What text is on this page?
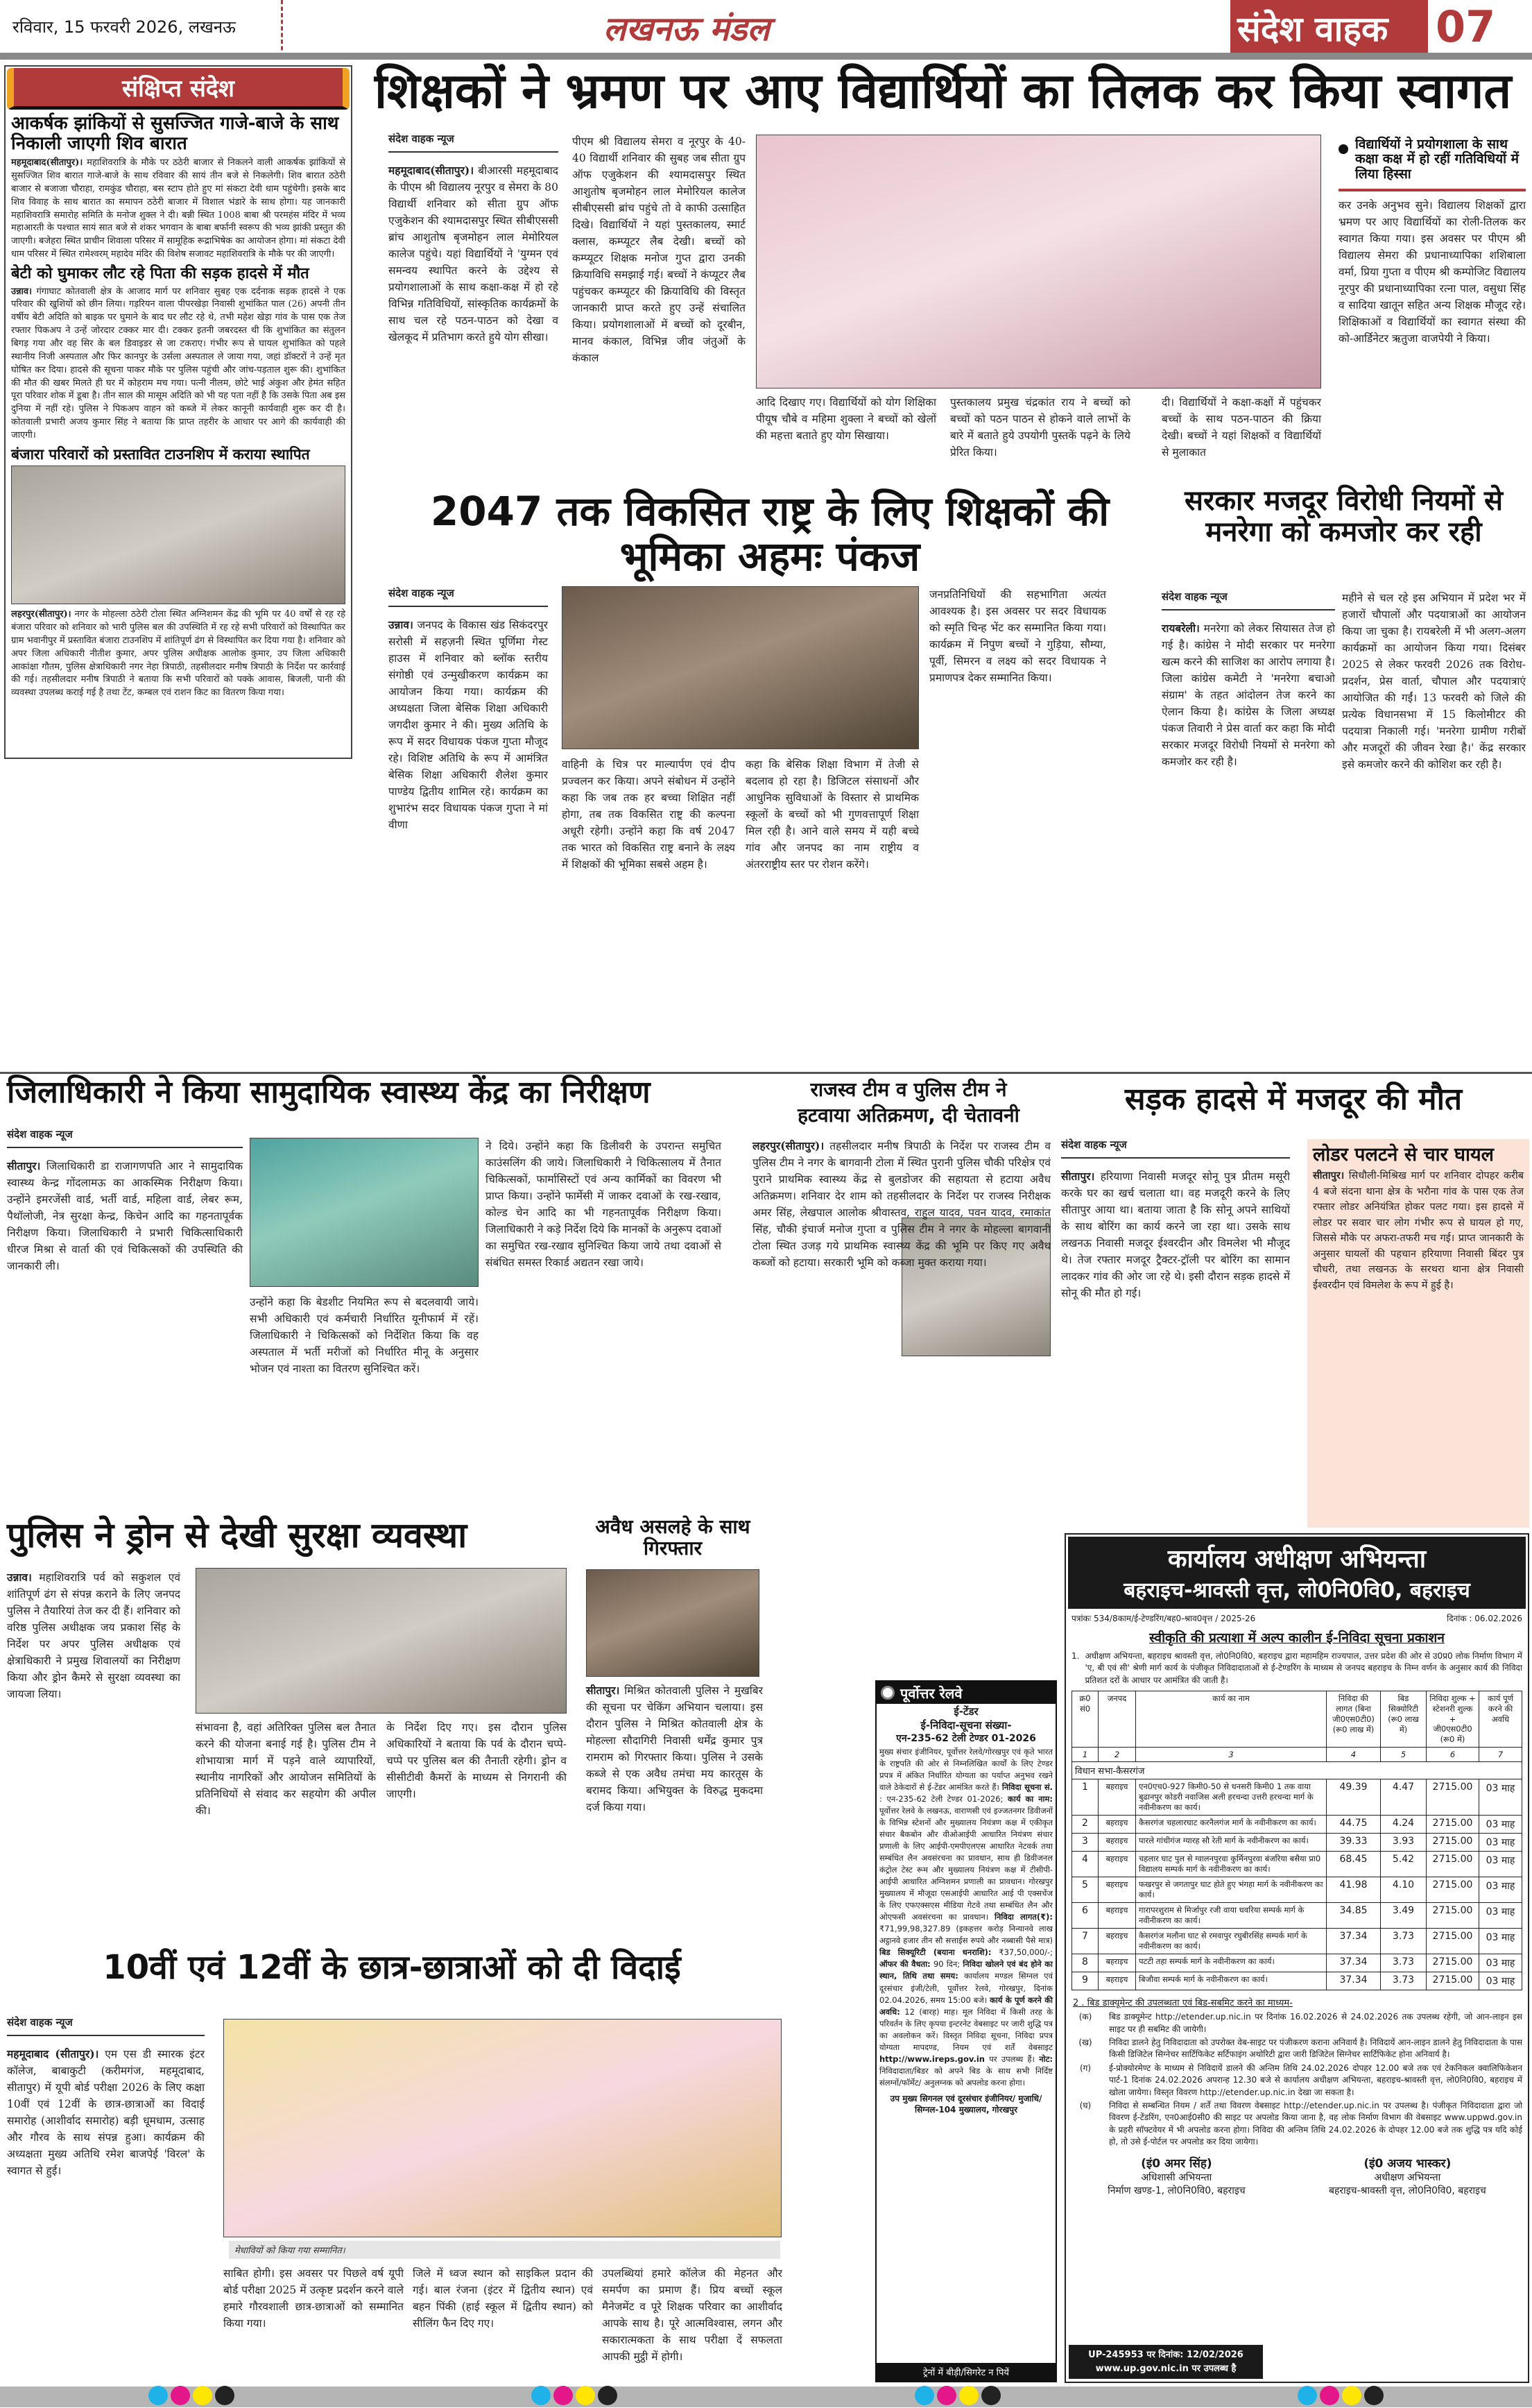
रविवार, 15 फरवरी 2026, लखनऊ	लखनऊ मंडल	संदेश वाहक 07
संक्षिप्त संदेश
आकर्षक झांकियों से सुसज्जित गाजे-बाजे के साथ निकाली जाएगी शिव बारात
महमूदाबाद(सीतापुर)। महाशिवरात्रि के मौके पर ठठेरी बाजार से निकलने वाली आकर्षक झांकियों से सुसज्जित शिव बारात गाजे-बाजे के साथ रविवार की सायं तीन बजे से निकलेगी। शिव बारात ठठेरी बाजार से बजाजा चौराहा, रामकुंड चौराहा, बस स्टाप होते हुए मां संकटा देवी धाम पहुंचेगी। इसके बाद शिव विवाह के साथ बारात का समापन ठठेरी बाजार में विशाल भंडारे के साथ होगा। यह जानकारी महाशिवरात्रि समारोह समिति के मनोज शुक्ल ने दी। बन्नी स्थित 1008 बाबा श्री परमहंस मंदिर में भव्य महाआरती के पश्चात सायं सात बजे से शंकर भगवान के बाबा बर्फानी स्वरूप की भव्य झांकी प्रस्तुत की जाएगी। बजेहरा स्थित प्राचीन शिवाला परिसर में सामूहिक रूद्राभिषेक का आयोजन होगा। मां संकटा देवी धाम परिसर में स्थित रामेश्वरम् महादेव मंदिर की विशेष सजावट महाशिवरात्रि के मौके पर की जाएगी।
बेटी को घुमाकर लौट रहे पिता की सड़क हादसे में मौत
उन्नाव। गंगाघाट कोतवाली क्षेत्र के आजाद मार्ग पर शनिवार सुबह एक दर्दनाक सड़क हादसे ने एक परिवार की खुशियों को छीन लिया। गड़रियन वाला पीपरखेड़ा निवासी शुभांकित पाल (26) अपनी तीन वर्षीय बेटी अदिति को बाइक पर घुमाने के बाद घर लौट रहे थे, तभी महेश खेड़ा गांव के पास एक तेज रफ्तार पिकअप ने उन्हें जोरदार टक्कर मार दी। टक्कर इतनी जबरदस्त थी कि शुभांकित का संतुलन बिगड़ गया और वह सिर के बल डिवाइडर से जा टकराए। गंभीर रूप से घायल शुभांकित को पहले स्थानीय निजी अस्पताल और फिर कानपुर के उर्सला अस्पताल ले जाया गया, जहां डॉक्टरों ने उन्हें मृत घोषित कर दिया। हादसे की सूचना पाकर मौके पर पुलिस पहुंची और जांच-पड़ताल शुरू की। शुभांकित की मौत की खबर मिलते ही घर में कोहराम मच गया। पत्नी नीलम, छोटे भाई अंकुश और हेमंत सहित पूरा परिवार शोक में डूबा है। तीन साल की मासूम अदिति को भी यह पता नहीं है कि उसके पिता अब इस दुनिया में नहीं रहे। पुलिस ने पिकअप वाहन को कब्जे में लेकर कानूनी कार्यवाही शुरू कर दी है। कोतवाली प्रभारी अजय कुमार सिंह ने बताया कि प्राप्त तहरीर के आधार पर आगे की कार्यवाही की जाएगी।
बंजारा परिवारों को प्रस्तावित टाउनशिप में कराया स्थापित
लहरपुर(सीतापुर)। नगर के मोहल्ला ठठेरी टोला स्थित अग्निशमन केंद्र की भूमि पर 40 वर्षों से रह रहे बंजारा परिवार को शनिवार को भारी पुलिस बल की उपस्थिति में रह रहे सभी परिवारों को विस्थापित कर ग्राम भवानीपुर में प्रस्तावित बंजारा टाउनशिप में शांतिपूर्ण ढंग से विस्थापित कर दिया गया है। शनिवार को अपर जिला अधिकारी नीतीश कुमार, अपर पुलिस अधीक्षक आलोक कुमार, उप जिला अधिकारी आकांक्षा गौतम, पुलिस क्षेत्राधिकारी नगर नेहा त्रिपाठी, तहसीलदार मनीष त्रिपाठी के निर्देश पर कार्रवाई की गई। तहसीलदार मनीष त्रिपाठी ने बताया कि सभी परिवारों को पक्के आवास, बिजली, पानी की व्यवस्था उपलब्ध कराई गई है तथा टेंट, कम्बल एवं राशन किट का वितरण किया गया।
शिक्षकों ने भ्रमण पर आए विद्यार्थियों का तिलक कर किया स्वागत
संदेश वाहक न्यूज
महमूदाबाद(सीतापुर)। बीआरसी महमूदाबाद के पीएम श्री विद्यालय नूरपुर व सेमरा के 80 विद्यार्थी शनिवार को सीता ग्रुप ऑफ एजुकेशन की श्यामदासपुर स्थित सीबीएससी ब्रांच आशुतोष बृजमोहन लाल मेमोरियल कालेज पहुंचे। यहां विद्यार्थियों ने 'युग्मन एवं समन्वय स्थापित करने के उद्देश्य से प्रयोगशालाओं के साथ कक्षा-कक्ष में हो रहे विभिन्न गतिविधियों, सांस्कृतिक कार्यक्रमों के साथ चल रहे पठन-पाठन को देखा व खेलकूद में प्रतिभाग करते हुये योग सीखा।
पीएम श्री विद्यालय सेमरा व नूरपुर के 40-40 विद्यार्थी शनिवार की सुबह जब सीता ग्रुप ऑफ एजुकेशन की श्यामदासपुर स्थित आशुतोष बृजमोहन लाल मेमोरियल कालेज सीबीएससी ब्रांच पहुंचे तो वे काफी उत्साहित दिखे। विद्यार्थियों ने यहां पुस्तकालय, स्मार्ट क्लास, कम्प्यूटर लैब देखी। बच्चों को कम्प्यूटर शिक्षक मनोज गुप्त द्वारा उनकी क्रियाविधि समझाई गई। बच्चों ने कंप्यूटर लैब पहुंचकर कम्प्यूटर की क्रियाविधि की विस्तृत जानकारी प्राप्त करते हुए उन्हें संचालित किया। प्रयोगशालाओं में बच्चों को दूरबीन, मानव कंकाल, विभिन्न जीव जंतुओं के कंकाल
आदि दिखाए गए। विद्यार्थियों को योग शिक्षिका पीयूष चौबे व महिमा शुक्ला ने बच्चों को खेलों की महत्ता बताते हुए योग सिखाया।
पुस्तकालय प्रमुख चंद्रकांत राय ने बच्चों को बच्चों को पठन पाठन से होकने वाले लाभों के बारे में बताते हुये उपयोगी पुस्तकें पढ़ने के लिये प्रेरित किया।
दी। विद्यार्थियों ने कक्षा-कक्षों में पहुंचकर बच्चों के साथ पठन-पाठन की क्रिया देखी। बच्चों ने यहां शिक्षकों व विद्यार्थियों से मुलाकात
विद्यार्थियों ने प्रयोगशाला के साथ कक्षा कक्ष में हो रहीं गतिविधियों में लिया हिस्सा
कर उनके अनुभव सुने। विद्यालय शिक्षकों द्वारा भ्रमण पर आए विद्यार्थियों का रोली-तिलक कर स्वागत किया गया। इस अवसर पर पीएम श्री विद्यालय सेमरा की प्रधानाध्यापिका शशिबाला वर्मा, प्रिया गुप्ता व पीएम श्री कम्पोजिट विद्यालय नूरपुर की प्रधानाध्यापिका रत्ना पाल, वसुधा सिंह व सादिया खातून सहित अन्य शिक्षक मौजूद रहे। शिक्षिकाओं व विद्यार्थियों का स्वागत संस्था की को-आर्डिनेटर ऋतुजा वाजपेयी ने किया।
2047 तक विकसित राष्ट्र के लिए शिक्षकों की भूमिका अहमः पंकज
संदेश वाहक न्यूज
उन्नाव। जनपद के विकास खंड सिकंदरपुर सरोसी में सहज़नी स्थित पूर्णिमा गेस्ट हाउस में शनिवार को ब्लॉक स्तरीय संगोष्ठी एवं उन्मुखीकरण कार्यक्रम का आयोजन किया गया। कार्यक्रम की अध्यक्षता जिला बेसिक शिक्षा अधिकारी जगदीश कुमार ने की। मुख्य अतिथि के रूप में सदर विधायक पंकज गुप्ता मौजूद रहे। विशिष्ट अतिथि के रूप में आमंत्रित बेसिक शिक्षा अधिकारी शैलेश कुमार पाण्डेय द्वितीय शामिल रहे। कार्यक्रम का शुभारंभ सदर विधायक पंकज गुप्ता ने मां वीणा
वाहिनी के चित्र पर माल्यार्पण एवं दीप प्रज्वलन कर किया। अपने संबोधन में उन्होंने कहा कि जब तक हर बच्चा शिक्षित नहीं होगा, तब तक विकसित राष्ट्र की कल्पना अधूरी रहेगी। उन्होंने कहा कि वर्ष 2047 तक भारत को विकसित राष्ट्र बनाने के लक्ष्य में शिक्षकों की भूमिका सबसे अहम है।
कहा कि बेसिक शिक्षा विभाग में तेजी से बदलाव हो रहा है। डिजिटल संसाधनों और आधुनिक सुविधाओं के विस्तार से प्राथमिक स्कूलों के बच्चों को भी गुणवत्तापूर्ण शिक्षा मिल रही है। आने वाले समय में यही बच्चे गांव और जनपद का नाम राष्ट्रीय व अंतरराष्ट्रीय स्तर पर रोशन करेंगे।
जनप्रतिनिधियों की सहभागिता अत्यंत आवश्यक है। इस अवसर पर सदर विधायक को स्मृति चिन्ह भेंट कर सम्मानित किया गया। कार्यक्रम में निपुण बच्चों ने गुड़िया, सौम्या, पूर्वी, सिमरन व लक्ष्य को सदर विधायक ने प्रमाणपत्र देकर सम्मानित किया।
सरकार मजदूर विरोधी नियमों से मनरेगा को कमजोर कर रही
संदेश वाहक न्यूज
रायबरेली। मनरेगा को लेकर सियासत तेज हो गई है। कांग्रेस ने मोदी सरकार पर मनरेगा खत्म करने की साजिश का आरोप लगाया है। जिला कांग्रेस कमेटी ने 'मनरेगा बचाओ संग्राम' के तहत आंदोलन तेज करने का ऐलान किया है। कांग्रेस के जिला अध्यक्ष पंकज तिवारी ने प्रेस वार्ता कर कहा कि मोदी सरकार मजदूर विरोधी नियमों से मनरेगा को कमजोर कर रही है।
महीने से चल रहे इस अभियान में प्रदेश भर में हजारों चौपालों और पदयात्राओं का आयोजन किया जा चुका है। रायबरेली में भी अलग-अलग कार्यक्रमों का आयोजन किया गया। दिसंबर 2025 से लेकर फरवरी 2026 तक विरोध-प्रदर्शन, प्रेस वार्ता, चौपाल और पदयात्राएं आयोजित की गईं। 13 फरवरी को जिले की प्रत्येक विधानसभा में 15 किलोमीटर की पदयात्रा निकाली गई। 'मनरेगा ग्रामीण गरीबों और मजदूरों की जीवन रेखा है।' केंद्र सरकार इसे कमजोर करने की कोशिश कर रही है।
जिलाधिकारी ने किया सामुदायिक स्वास्थ्य केंद्र का निरीक्षण
संदेश वाहक न्यूज
सीतापुर। जिलाधिकारी डा राजागणपति आर ने सामुदायिक स्वास्थ्य केन्द्र गोंदलामऊ का आकस्मिक निरीक्षण किया। उन्होंने इमरजेंसी वार्ड, भर्ती वार्ड, महिला वार्ड, लेबर रूम, पैथॉलोजी, नेत्र सुरक्षा केन्द्र, किचेन आदि का गहनतापूर्वक निरीक्षण किया। जिलाधिकारी ने प्रभारी चिकित्साधिकारी धीरज मिश्रा से वार्ता की एवं चिकित्सकों की उपस्थिति की जानकारी ली।
उन्होंने कहा कि बेडशीट नियमित रूप से बदलवायी जाये। सभी अधिकारी एवं कर्मचारी निर्धारित यूनीफार्म में रहें। जिलाधिकारी ने चिकित्सकों को निर्देशित किया कि वह अस्पताल में भर्ती मरीजों को निर्धारित मीनू के अनुसार भोजन एवं नाश्ता का वितरण सुनिश्चित करें।
ने दिये। उन्होंने कहा कि डिलीवरी के उपरान्त समुचित काउंसलिंग की जाये। जिलाधिकारी ने चिकित्सालय में तैनात चिकित्सकों, फार्मासिस्टों एवं अन्य कार्मिकों का विवरण भी प्राप्त किया। उन्होंने फार्मेसी में जाकर दवाओं के रख-रखाव, कोल्ड चेन आदि का भी गहनतापूर्वक निरीक्षण किया। जिलाधिकारी ने कड़े निर्देश दिये कि मानकों के अनुरूप दवाओं का समुचित रख-रखाव सुनिश्चित किया जाये तथा दवाओं से संबंधित समस्त रिकार्ड अद्यतन रखा जाये।
राजस्व टीम व पुलिस टीम ने
हटवाया अतिक्रमण, दी चेतावनी
लहरपुर(सीतापुर)। तहसीलदार मनीष त्रिपाठी के निर्देश पर राजस्व टीम व पुलिस टीम ने नगर के बागवानी टोला में स्थित पुरानी पुलिस चौकी परिक्षेत्र एवं पुराने प्राथमिक स्वास्थ्य केंद्र से बुलडोजर की सहायता से हटाया अवैध अतिक्रमण। शनिवार देर शाम को तहसीलदार के निर्देश पर राजस्व निरीक्षक अमर सिंह, लेखपाल आलोक श्रीवास्तव, राहुल यादव, पवन यादव, रमाकांत सिंह, चौकी इंचार्ज मनोज गुप्ता व पुलिस टीम ने नगर के मोहल्ला बागवानी टोला स्थित उजड़ गये प्राथमिक स्वास्थ्य केंद्र की भूमि पर किए गए अवैध कब्जों को हटाया। सरकारी भूमि को कब्जा मुक्त कराया गया।
सड़क हादसे में मजदूर की मौत
संदेश वाहक न्यूज
सीतापुर। हरियाणा निवासी मजदूर सोनू पुत्र प्रीतम मसूरी करके घर का खर्च चलाता था। वह मजदूरी करने के लिए सीतापुर आया था। बताया जाता है कि सोनू अपने साथियों के साथ बोरिंग का कार्य करने जा रहा था। उसके साथ लखनऊ निवासी मजदूर ईश्वरदीन और विमलेश भी मौजूद थे। तेज रफ्तार मजदूर ट्रैक्टर-ट्रॉली पर बोरिंग का सामान लादकर गांव की ओर जा रहे थे। इसी दौरान सड़क हादसे में सोनू की मौत हो गई।
लोडर पलटने से चार घायल
सीतापुर। सिधौली-मिश्रिख मार्ग पर शनिवार दोपहर करीब 4 बजे संदना थाना क्षेत्र के भरौना गांव के पास एक तेज रफ्तार लोडर अनियंत्रित होकर पलट गया। इस हादसे में लोडर पर सवार चार लोग गंभीर रूप से घायल हो गए, जिससे मौके पर अफरा-तफरी मच गई। प्राप्त जानकारी के अनुसार घायलों की पहचान हरियाणा निवासी बिंदर पुत्र चौधरी, तथा लखनऊ के सरथरा थाना क्षेत्र निवासी ईश्वरदीन एवं विमलेश के रूप में हुई है।
पुलिस ने ड्रोन से देखी सुरक्षा व्यवस्था
उन्नाव। महाशिवरात्रि पर्व को सकुशल एवं शांतिपूर्ण ढंग से संपन्न कराने के लिए जनपद पुलिस ने तैयारियां तेज कर दी हैं। शनिवार को वरिष्ठ पुलिस अधीक्षक जय प्रकाश सिंह के निर्देश पर अपर पुलिस अधीक्षक एवं क्षेत्राधिकारी ने प्रमुख शिवालयों का निरीक्षण किया और ड्रोन कैमरे से सुरक्षा व्यवस्था का जायजा लिया।
संभावना है, वहां अतिरिक्त पुलिस बल तैनात करने की योजना बनाई गई है। पुलिस टीम ने शोभायात्रा मार्ग में पड़ने वाले व्यापारियों, स्थानीय नागरिकों और आयोजन समितियों के प्रतिनिधियों से संवाद कर सहयोग की अपील की।
के निर्देश दिए गए। इस दौरान पुलिस अधिकारियों ने बताया कि पर्व के दौरान चप्पे-चप्पे पर पुलिस बल की तैनाती रहेगी। ड्रोन व सीसीटीवी कैमरों के माध्यम से निगरानी की जाएगी।
अवैध असलहे के साथ गिरफ्तार
सीतापुर। मिश्रित कोतवाली पुलिस ने मुखबिर की सूचना पर चेकिंग अभियान चलाया। इस दौरान पुलिस ने मिश्रित कोतवाली क्षेत्र के मोहल्ला सौदागिरी निवासी धर्मेंद्र कुमार पुत्र रामराम को गिरफ्तार किया। पुलिस ने उसके कब्जे से एक अवैध तमंचा मय कारतूस के बरामद किया। अभियुक्त के विरुद्ध मुकदमा दर्ज किया गया।
10वीं एवं 12वीं के छात्र-छात्राओं को दी विदाई
संदेश वाहक न्यूज
महमूदाबाद (सीतापुर)। एम एस डी स्मारक इंटर कॉलेज, बाबाकुटी (करीमगंज, महमूदाबाद, सीतापुर) में यूपी बोर्ड परीक्षा 2026 के लिए कक्षा 10वीं एवं 12वीं के छात्र-छात्राओं का विदाई समारोह (आशीर्वाद समारोह) बड़ी धूमधाम, उत्साह और गौरव के साथ संपन्न हुआ। कार्यक्रम की अध्यक्षता मुख्य अतिथि रमेश बाजपेई 'विरल' के स्वागत से हुई।
मेधावियों को किया गया सम्मानित।
साबित होगी। इस अवसर पर पिछले वर्ष यूपी बोर्ड परीक्षा 2025 में उत्कृष्ट प्रदर्शन करने वाले हमारे गौरवशाली छात्र-छात्राओं को सम्मानित किया गया।
जिले में ध्वज स्थान को साइकिल प्रदान की गई। बाल रंजना (इंटर में द्वितीय स्थान) एवं बहन पिंकी (हाई स्कूल में द्वितीय स्थान) को सीलिंग फैन दिए गए।
उपलब्धियां हमारे कॉलेज की मेहनत और समर्पण का प्रमाण हैं। प्रिय बच्चों स्कूल मैनेजमेंट व पूरे शिक्षक परिवार का आशीर्वाद आपके साथ है। पूरे आत्मविश्वास, लगन और सकारात्मकता के साथ परीक्षा दें सफलता आपकी मुट्ठी में होगी।
पूर्वोत्तर रेलवे
ई-टेंडर
ई-निविदा-सूचना संख्या-
एन-235-62 टेली टेण्डर 01-2026
मुख्य संचार इंजीनियर, पूर्वोत्तर रेलवे/गोरखपुर एवं कृते भारत के राष्ट्रपति की ओर से निम्नलिखित कार्यों के लिए टेण्डर प्रपत्र में अंकित निर्धारित योग्यता का पर्याप्त अनुभव रखने वाले ठेकेदारों से ई-टेंडर आमंत्रित करते हैं। निविदा सूचना सं. : एन-235-62 टेली टेण्डर 01-2026; कार्य का नाम: पूर्वोत्तर रेलवे के लखनऊ, वाराणसी एवं इज्जतनगर डिवीजनों के विभिन्न स्टेशनों और मुख्यालय नियंत्रण कक्ष में एकीकृत संचार बैकबोन और वीओआईपी आधारित नियंत्रण संचार प्रणाली के लिए आईपी-एमपीएलएस आधारित नेटवर्क तथा सम्बंधित लैन अवसंरचना का प्रावधान, साथ ही डिवीजनल कंट्रोल टेस्ट रूम और मुख्यालय नियंत्रण कक्ष में टीसीपी-आईपी आधारित अग्निशमन प्रणाली का प्रावधान। गोरखपुर मुख्यालय में मौजूदा एसआईपी आधारित आई पी एक्सचेंज के लिए एफएक्सएस मीडिया गेटवे तथा सम्बंधित लैन और ओएफसी अवसंरचना का प्रावधान। निविदा लागत(₹): ₹71,99,98,327.89 (इकहत्तर करोड़ निन्यानवे लाख अट्ठानवे हजार तीन सौ सत्ताईस रुपये और नब्बासी पैसे मात्र) बिड सिक्यूरिटी (बयाना धनराशि): ₹37,50,000/-; ऑफर की वैधता: 90 दिन; निविदा खोलने एवं बंद होने का स्थान, तिथि तथा समय: कार्यालय मण्डल सिग्नल एवं दूरसंचार इंजी/टेली, पूर्वोत्तर रेलवे, गोरखपुर, दिनांक 02.04.2026, समय 15:00 बजे। कार्य के पूर्ण करने की अवधि: 12 (बारह) माह। मूल निविदा में किसी तरह के परिवर्तन के लिए कृपया इन्टरनेट वेबसाइट पर जारी शुद्धि पत्र का अवलोकन करें। विस्तृत निविदा सूचना, निविदा प्रपत्र योग्यता मापदण्ड, नियम एवं शर्तें वेबसाइट http://www.ireps.gov.in पर उपलब्ध हैं। नोट: निविदादाता/बिडर को अपने बिड के साथ सभी निर्दिष्ट संलग्नों/फॉर्मेट/ अनुलग्नक को अपलोड करना होगा।
उप मुख्य सिगनल एवं दूरसंचार इंजीनियर/ मुजाधि/सिग्नल-104 मुख्यालय, गोरखपुर
ट्रेनों में बीड़ी/सिगरेट न पियें
कार्यालय अधीक्षण अभियन्ता
बहराइच-श्रावस्ती वृत्त, लो0नि0वि0, बहराइच
पत्रांकः 534/8काम/ई-टेण्डरिंग/बह0-श्राव0वृत्त / 2025-26	दिनांक : 06.02.2026
स्वीकृति की प्रत्याशा में अल्प कालीन ई-निविदा सूचना प्रकाशन
1. अधीक्षण अभियन्ता, बहराइच श्रावस्ती वृत्त, लो0नि0वि0, बहराइच द्वारा महामहिम राज्यपाल, उत्तर प्रदेश की ओर से उ0प्र0 लोक निर्माण विभाग में 'ए, बी एवं सी' श्रेणी मार्ग कार्य के पंजीकृत निविदादाताओं से ई-टेण्डरिंग के माध्यम से जनपद बहराइच के निम्न वर्णन के अनुसार कार्य की निविदा प्रतिशत दरों के आधार पर आमंत्रित की जाती है।
क्र0 सं0	जनपद	कार्य का नाम	निविदा की लागत (बिना जी0एस0टी0) (रू0 लाख में)	बिड सिक्योरिटी (रू0 लाख में)	निविदा शुल्क + स्टेशनरी शुल्क + जी0एस0टी0 (रू0 में)	कार्य पूर्ण करने की अवधि
1	2	3	4	5	6	7
विधान सभा-कैसरगंज						
1	बहराइच	एन0एच0-927 किमी0-50 से धनसरी किमी0 1 तक वाया बुढानपुर कोडरी नवाजिस अली हरचन्दा उत्तरी हरचन्दा मार्ग के नवीनीकरण का कार्य।	49.39	4.47	2715.00	03 माह
2	बहराइच	कैसरगंज चहलारघाट करनैलगंज मार्ग के नवीनीकरण का कार्य।	44.75	4.24	2715.00	03 माह
3	बहराइच	पारले गांधीगंज ग्यारह सौ रेती मार्ग के नवीनीकरण का कार्य।	39.33	3.93	2715.00	03 माह
4	बहराइच	चहलार घाट पुल से ग्वालनपुरवा कुर्मिनपुरवा बंजरिया बसैया प्रा0 विद्यालय सम्पर्क मार्ग के नवीनीकरण का कार्य।	68.45	5.42	2715.00	03 माह
5	बहराइच	फखरपुर से जगतापुर घाट होते हुए भंगहा मार्ग के नवीनीकरण का कार्य।	41.98	4.10	2715.00	03 माह
6	बहराइच	गारापरशुराम से मिर्जापुर रजी वाया धवरिया सम्पर्क मार्ग के नवीनीकरण का कार्य।	34.85	3.49	2715.00	03 माह
7	बहराइच	कैसरगंज मलौना घाट से रमवापुर रघुबीरसिंह सम्पर्क मार्ग के नवीनीकरण का कार्य।	37.34	3.73	2715.00	03 माह
8	बहराइच	पटटी तहा सम्पर्क मार्ग के नवीनीकरण का कार्य।	37.34	3.73	2715.00	03 माह
9	बहराइच	बिजौवा सम्पर्क मार्ग के नवीनीकरण का कार्य।	37.34	3.73	2715.00	03 माह
2 . बिड डाक्यूमेन्ट की उपलब्धता एवं बिड-सबमिट करने का माध्यम-
(क)	बिड डाक्यूमेन्ट http://etender.up.nic.in पर दिनांक 16.02.2026 से 24.02.2026 तक उपलब्ध रहेगी, जो आन-लाइन इस साइट पर ही सबमिट की जायेगी।
(ख)	निविदा डालने हेतु निविदादाता को उपरोक्त वेब-साइट पर पंजीकरण कराना अनिवार्य है। निविदायें आन-लाइन डालने हेतु निविदादाता के पास किसी डिजिटेल सिग्नेचर सार्टिफिकेट सर्टिफाइंग अथोरिटी द्वारा जारी डिजिटेल सिग्नेचर सार्टिफिकेट होना अनिवार्य है।
(ग)	ई-प्रोक्योरमेण्ट के माध्यम से निविदायें डालने की अन्तिम तिथि 24.02.2026 दोपहर 12.00 बजे तक एवं टेकनिकल क्वालिफिकेशन पार्ट-1 दिनांक 24.02.2026 अपरान्ह 12.30 बजे से कार्यालय अधीक्षण अभियन्ता, बहराइच-श्रावस्ती वृत्त, लो0नि0वि0, बहराइच में खोला जायेगा। विस्तृत विवरण http://etender.up.nic.in देखा जा सकता है।
(घ)	निविदा से सम्बन्धित नियम / शर्तें तथा विवरण वेबसाइट http://etender.up.nic.in पर उपलब्ध है। पंजीकृत निविदादाता द्वारा जो विवरण ई-टेंडरिंग, एन0आई0सी0 की साइट पर अपलोड किया जाना है, वह लोक निर्माण विभाग की वेबसाइट www.uppwd.gov.in के प्रहरी सॉफ्टवेयर में भी अपलोड करना होगा। निविदा की अन्तिम तिथि 24.02.2026 के दोपहर 12.00 बजे तक शुद्धि पत्र यदि कोई हो, तो उसे ई-पोर्टल पर अपलोड कर दिया जायेगा।
(इं0 अमर सिंह)
अधिशासी अभियन्ता
निर्माण खण्ड-1, लो0नि0वि0, बहराइच
(इं0 अजय भास्कर)
अधीक्षण अभियन्ता
बहराइच-श्रावस्ती वृत्त, लो0नि0वि0, बहराइच
UP-245953 पर दिनांक: 12/02/2026
www.up.gov.nic.in पर उपलब्ध है
